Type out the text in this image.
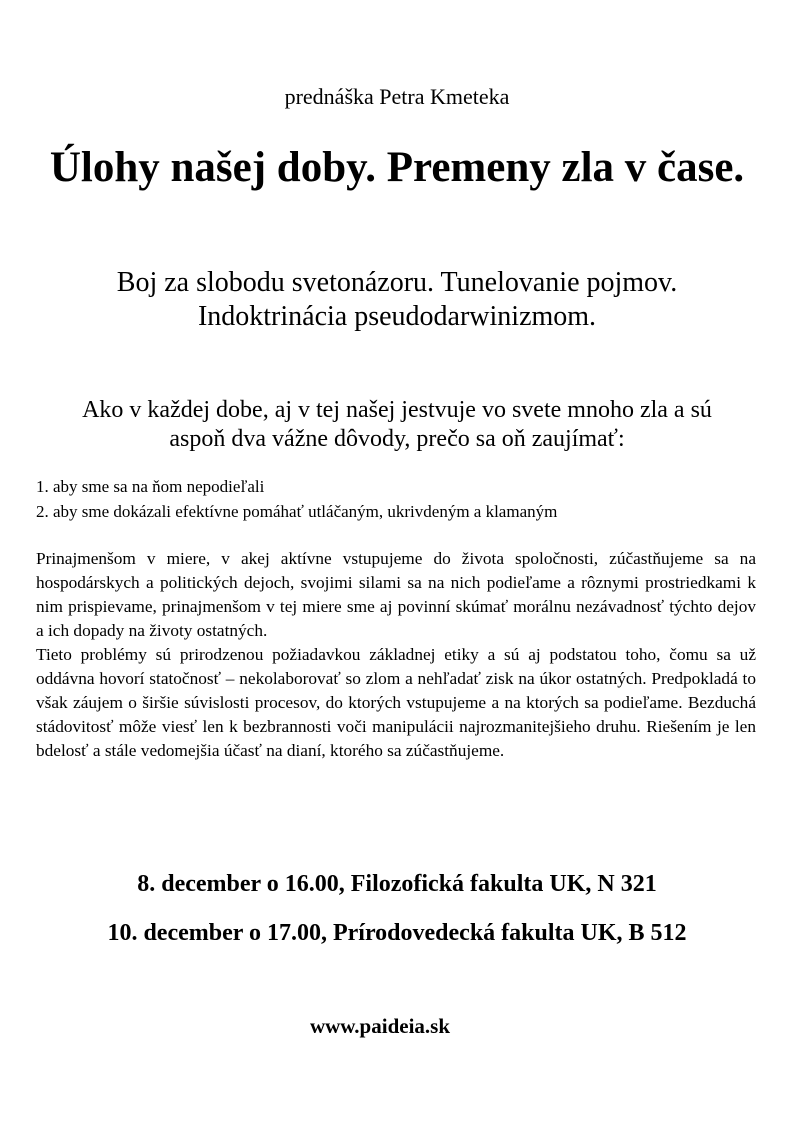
prednáška Petra Kmeteka
Úlohy našej doby. Premeny zla v čase.
Boj za slobodu svetonázoru. Tunelovanie pojmov.
Indoktrinácia pseudodarwinizmom.
Ako v každej dobe, aj v tej našej jestvuje vo svete mnoho zla a sú
aspoň dva vážne dôvody, prečo sa oň zaujímať:
1. aby sme sa na ňom nepodieľali
2. aby sme dokázali efektívne pomáhať utláčaným, ukrivdeným a klamaným

Prinajmenšom v miere, v akej aktívne vstupujeme do života spoločnosti, zúčastňujeme sa na hospodárskych a politických dejoch, svojimi silami sa na nich podieľame a rôznymi prostriedkami k nim prispievame, prinajmenšom v tej miere sme aj povinní skúmať morálnu nezávadnosť týchto dejov a ich dopady na životy ostatných.

Tieto problémy sú prirodzenou požiadavkou základnej etiky a sú aj podstatou toho, čomu sa už oddávna hovorí statočnosť – nekolaborovať so zlom a nehľadať zisk na úkor ostatných. Predpokladá to však záujem o širšie súvislosti procesov, do ktorých vstupujeme a na ktorých sa podieľame. Bezduchá stádovitosť môže viesť len k bezbrannosti voči manipulácii najrozmanitejšieho druhu. Riešením je len bdelosť a stále vedomejšia účasť na dianí, ktorého sa zúčastňujeme.

8. december o 16.00, Filozofická fakulta UK, N 321
10. december o 17.00, Prírodovedecká fakulta UK, B 512
www.paideia.sk
